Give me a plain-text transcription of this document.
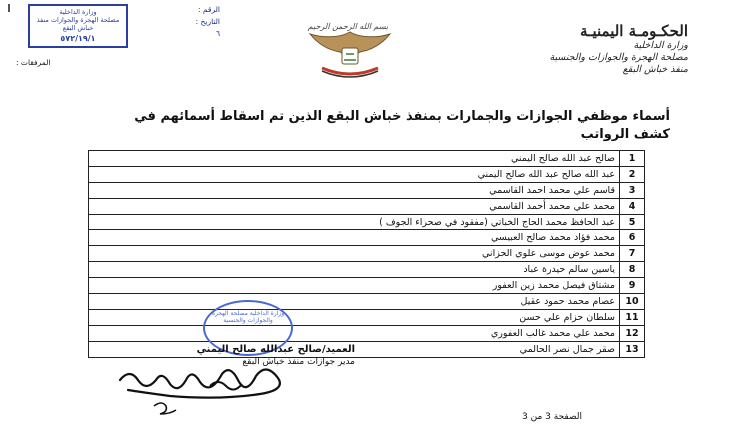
وزارة الداخلية
مصلحة الهجرة والجوازات منفذ خباش البقع
٥٧٢/١٩/١
الرقم :
التاريخ :
٦
المرفقات :
بسم الله الرحمن الرحيم	الحكـومـة اليمنيـة
وزارة الداخلية
مصلحة الهجرة والجوازات والجنسية
منفذ خباش البقع
أسماء موظفي الجوازات والجمارات بمنفذ خباش البقع الذين تم اسقاط أسمائهم في كشف الرواتب
1	صالح عبد الله صالح اليمني
2	عبد الله صالح عبد الله صالح اليمني
3	قاسم علي محمد احمد القاسمي
4	محمد علي محمد أحمد القاسمي
5	عبد الحافظ محمد الحاج الخباتي (مفقود في صحراء الجوف )
6	محمد فؤاد محمد صالح العبيسي
7	محمد عوض موسى علوي الحزاني
8	ياسين سالم حيدرة عباد
9	مشتاق فيصل محمد زين العفور
10	عصام محمد حمود عقيل
11	سلطان حزام علي حسن
12	محمد علي محمد غالب العفوري
13	صقر جمال نصر الحالمي
وزارة الداخلية مصلحة الهجرة والجوازات والجنسية
العميد/صالح عبدالله صالح اليمني
مدير جوازات منفذ خباش البقع
الصفحة 3 من 3
